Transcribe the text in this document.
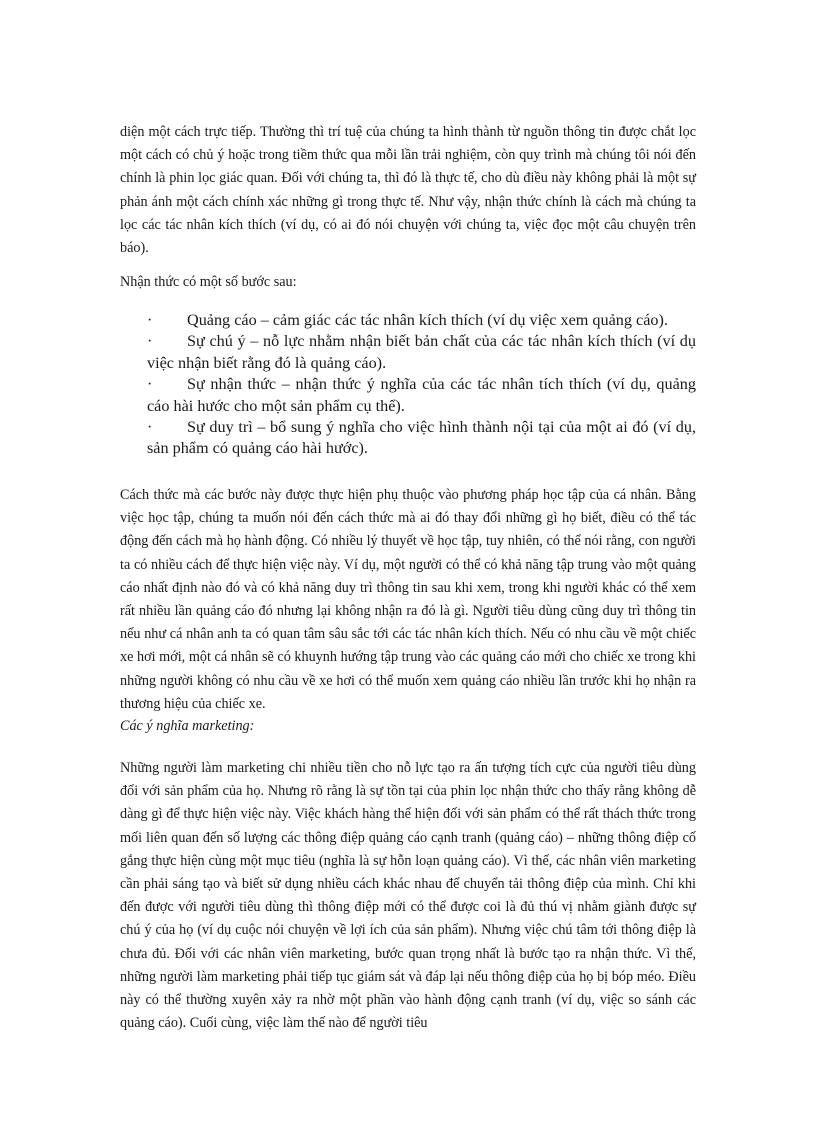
diện một cách trực tiếp. Thường thì trí tuệ của chúng ta hình thành từ nguồn thông tin được chắt lọc một cách có chủ ý hoặc trong tiềm thức qua mỗi lần trải nghiệm, còn quy trình mà chúng tôi nói đến chính là phin lọc giác quan. Đối với chúng ta, thì đó là thực tế, cho dù điều này không phải là một sự phản ánh một cách chính xác những gì trong thực tế. Như vậy, nhận thức chính là cách mà chúng ta lọc các tác nhân kích thích (ví dụ, có ai đó nói chuyện với chúng ta, việc đọc một câu chuyện trên báo).

Nhận thức có một số bước sau:

· Quảng cáo – cảm giác các tác nhân kích thích (ví dụ việc xem quảng cáo).
· Sự chú ý – nỗ lực nhằm nhận biết bản chất của các tác nhân kích thích (ví dụ việc nhận biết rằng đó là quảng cáo).
· Sự nhận thức – nhận thức ý nghĩa của các tác nhân tích thích (ví dụ, quảng cáo hài hước cho một sản phẩm cụ thể).
· Sự duy trì – bổ sung ý nghĩa cho việc hình thành nội tại của một ai đó (ví dụ, sản phẩm có quảng cáo hài hước).

Cách thức mà các bước này được thực hiện phụ thuộc vào phương pháp học tập của cá nhân. Bằng việc học tập, chúng ta muốn nói đến cách thức mà ai đó thay đổi những gì họ biết, điều có thể tác động đến cách mà họ hành động. Có nhiều lý thuyết về học tập, tuy nhiên, có thể nói rằng, con người ta có nhiều cách để thực hiện việc này. Ví dụ, một người có thể có khả năng tập trung vào một quảng cáo nhất định nào đó và có khả năng duy trì thông tin sau khi xem, trong khi người khác có thể xem rất nhiều lần quảng cáo đó nhưng lại không nhận ra đó là gì. Người tiêu dùng cũng duy trì thông tin nếu như cá nhân anh ta có quan tâm sâu sắc tới các tác nhân kích thích. Nếu có nhu cầu về một chiếc xe hơi mới, một cá nhân sẽ có khuynh hướng tập trung vào các quảng cáo mới cho chiếc xe trong khi những người không có nhu cầu về xe hơi có thể muốn xem quảng cáo nhiều lần trước khi họ nhận ra thương hiệu của chiếc xe.

Các ý nghĩa marketing:

Những người làm marketing chi nhiều tiền cho nỗ lực tạo ra ấn tượng tích cực của người tiêu dùng đối với sản phẩm của họ. Nhưng rõ rằng là sự tồn tại của phin lọc nhận thức cho thấy rằng không dễ dàng gì để thực hiện việc này. Việc khách hàng thể hiện đối với sản phẩm có thể rất thách thức trong mối liên quan đến số lượng các thông điệp quảng cáo cạnh tranh (quảng cáo) – những thông điệp cố gắng thực hiện cùng một mục tiêu (nghĩa là sự hỗn loạn quảng cáo). Vì thế, các nhân viên marketing cần phải sáng tạo và biết sử dụng nhiều cách khác nhau để chuyển tải thông điệp của mình. Chỉ khi đến được với người tiêu dùng thì thông điệp mới có thể được coi là đủ thú vị nhằm giành được sự chú ý của họ (ví dụ cuộc nói chuyện về lợi ích của sản phẩm). Nhưng việc chú tâm tới thông điệp là chưa đủ. Đối với các nhân viên marketing, bước quan trọng nhất là bước tạo ra nhận thức. Vì thế, những người làm marketing phải tiếp tục giám sát và đáp lại nếu thông điệp của họ bị bóp méo. Điều này có thể thường xuyên xảy ra nhờ một phần vào hành động cạnh tranh (ví dụ, việc so sánh các quảng cáo). Cuối cùng, việc làm thế nào để người tiêu
